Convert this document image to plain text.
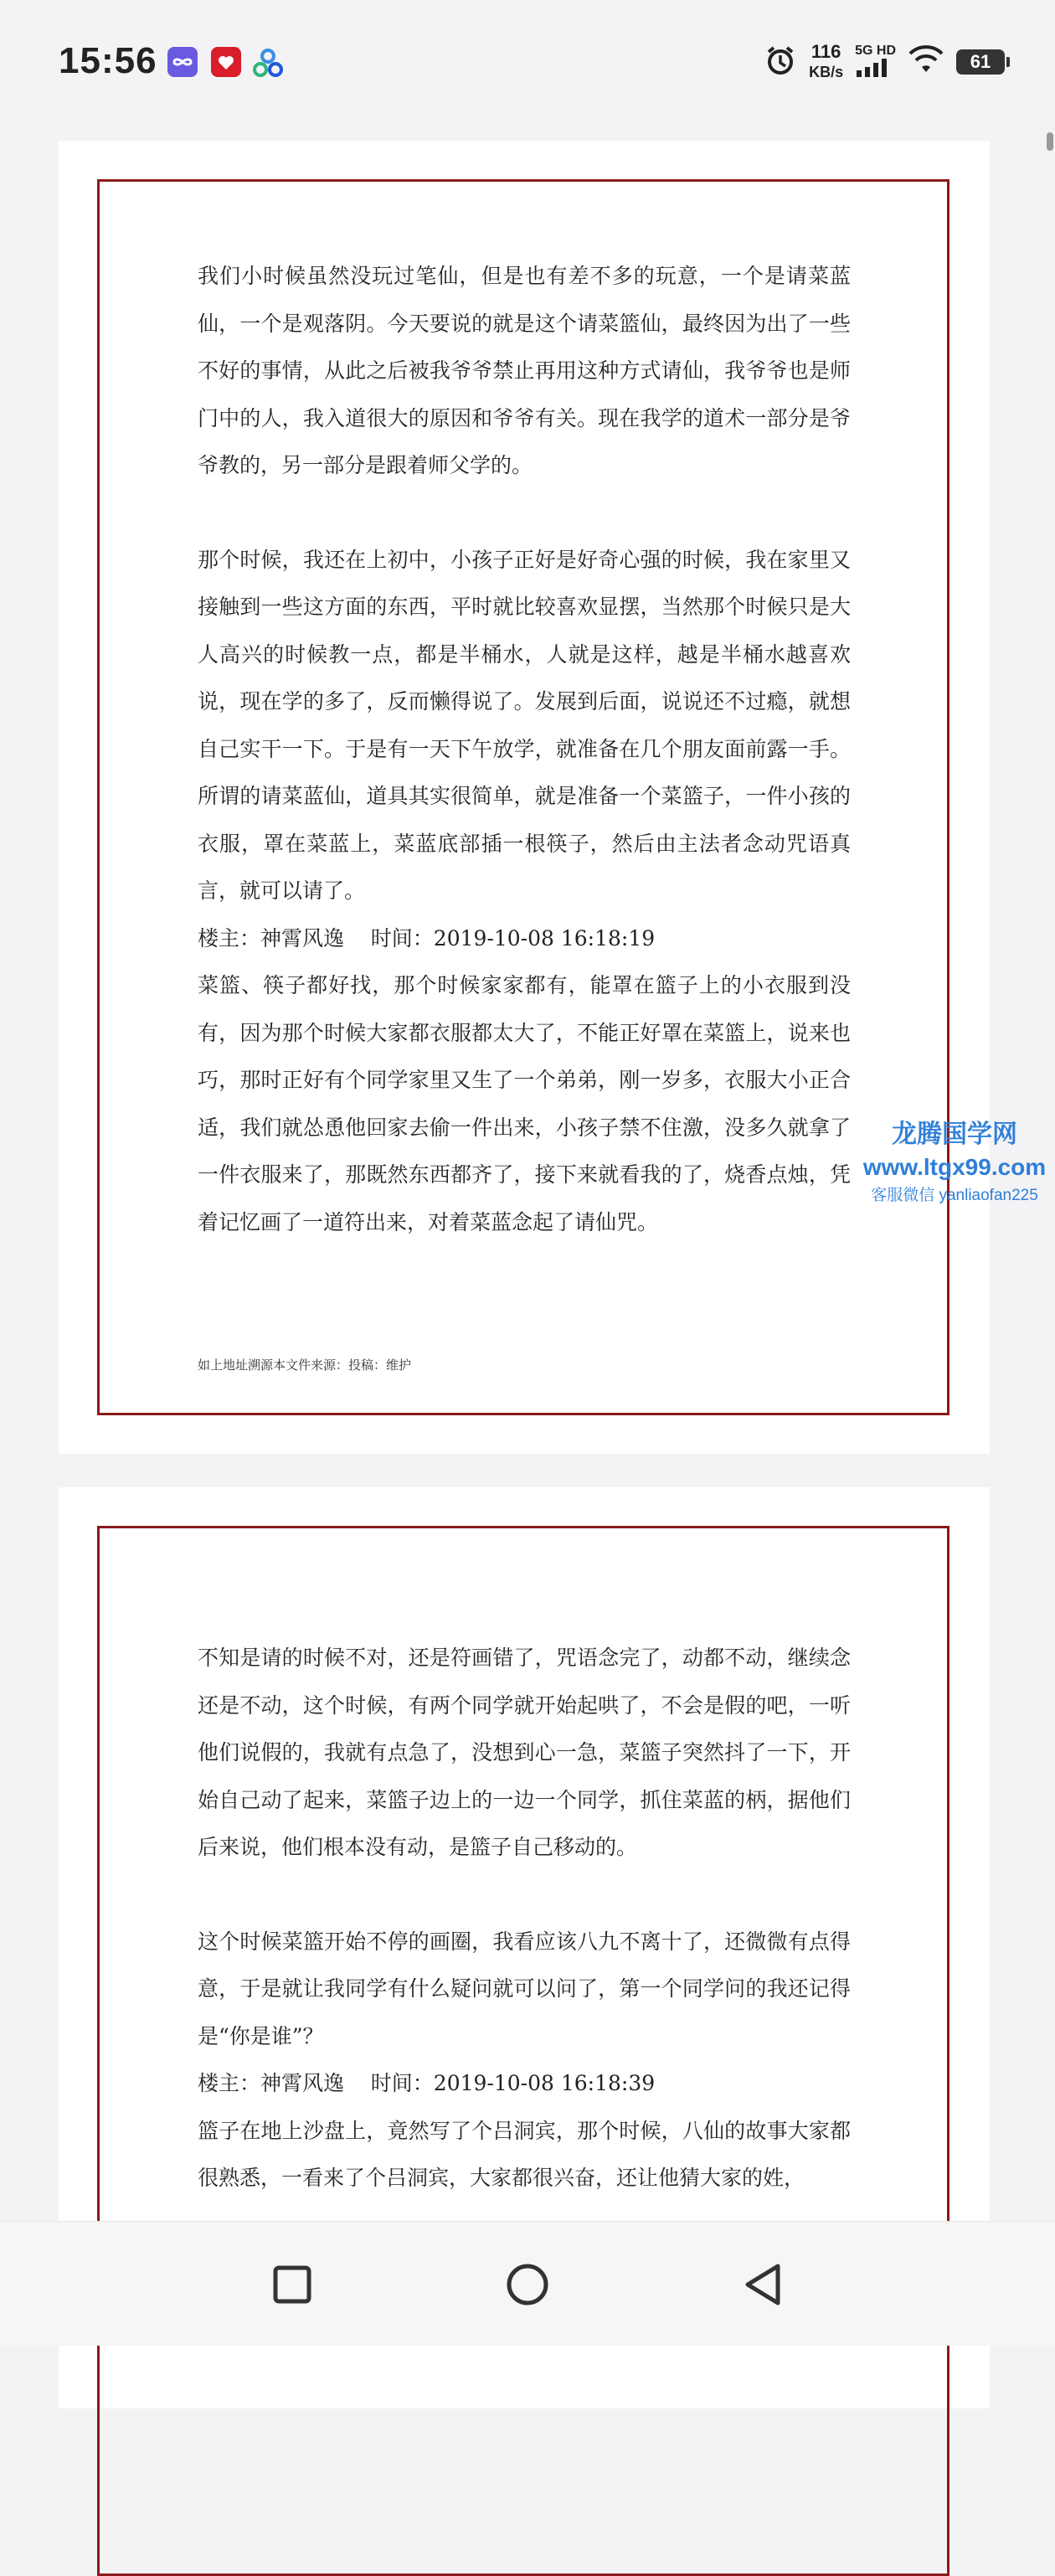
15:56	116
KB/s
5G HD
61

我们小时候虽然没玩过笔仙，但是也有差不多的玩意，一个是请菜蓝仙，一个是观落阴。今天要说的就是这个请菜篮仙，最终因为出了一些不好的事情，从此之后被我爷爷禁止再用这种方式请仙，我爷爷也是师门中的人，我入道很大的原因和爷爷有关。现在我学的道术一部分是爷爷教的，另一部分是跟着师父学的。

那个时候，我还在上初中，小孩子正好是好奇心强的时候，我在家里又接触到一些这方面的东西，平时就比较喜欢显摆，当然那个时候只是大人高兴的时候教一点，都是半桶水，人就是这样，越是半桶水越喜欢说，现在学的多了，反而懒得说了。发展到后面，说说还不过瘾，就想自己实干一下。于是有一天下午放学，就准备在几个朋友面前露一手。所谓的请菜蓝仙，道具其实很简单，就是准备一个菜篮子，一件小孩的衣服，罩在菜蓝上，菜蓝底部插一根筷子，然后由主法者念动咒语真言，就可以请了。

楼主：神霄风逸    时间：2019-10-08 16:18:19

菜篮、筷子都好找，那个时候家家都有，能罩在篮子上的小衣服到没有，因为那个时候大家都衣服都太大了，不能正好罩在菜篮上，说来也巧，那时正好有个同学家里又生了一个弟弟，刚一岁多，衣服大小正合适，我们就怂恿他回家去偷一件出来，小孩子禁不住激，没多久就拿了一件衣服来了，那既然东西都齐了，接下来就看我的了，烧香点烛，凭着记忆画了一道符出来，对着菜蓝念起了请仙咒。

如上地址溯源本文件来源：投稿：维护

不知是请的时候不对，还是符画错了，咒语念完了，动都不动，继续念还是不动，这个时候，有两个同学就开始起哄了，不会是假的吧，一听他们说假的，我就有点急了，没想到心一急，菜篮子突然抖了一下，开始自己动了起来，菜篮子边上的一边一个同学，抓住菜蓝的柄，据他们后来说，他们根本没有动，是篮子自己移动的。

这个时候菜篮开始不停的画圈，我看应该八九不离十了，还微微有点得意，于是就让我同学有什么疑问就可以问了，第一个同学问的我还记得是“你是谁”？

楼主：神霄风逸    时间：2019-10-08 16:18:39

篮子在地上沙盘上，竟然写了个吕洞宾，那个时候，八仙的故事大家都很熟悉，一看来了个吕洞宾，大家都很兴奋，还让他猜大家的姓，

龙腾国学网
www.ltgx99.com
客服微信 yanliaofan225
